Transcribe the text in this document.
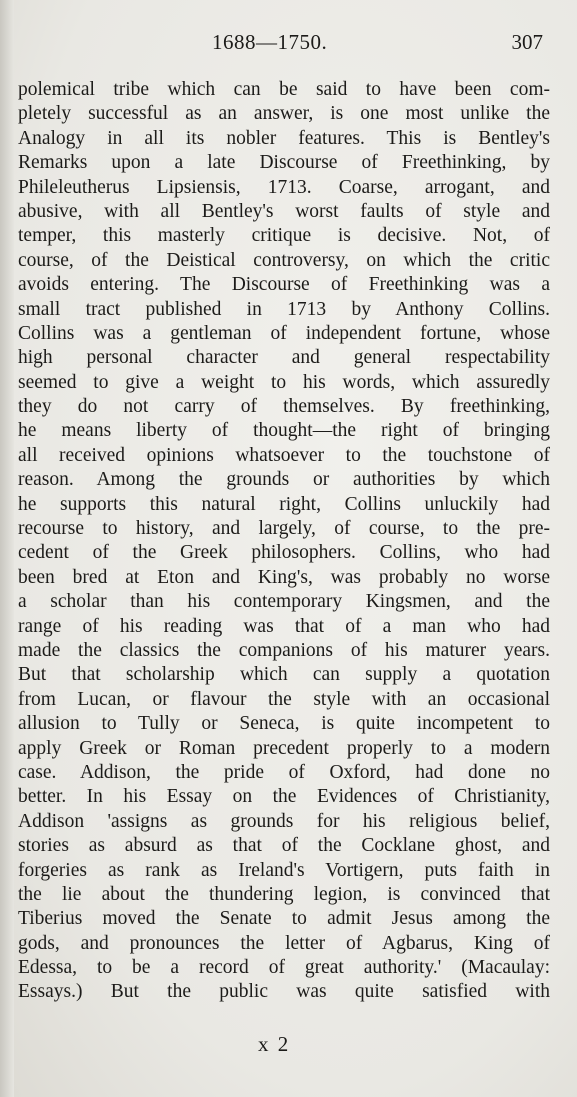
1688—1750.	307
polemical tribe which can be said to have been com-
pletely successful as an answer, is one most unlike the
Analogy in all its nobler features. This is Bentley's
Remarks upon a late Discourse of Freethinking, by
Phileleutherus Lipsiensis, 1713. Coarse, arrogant, and
abusive, with all Bentley's worst faults of style and
temper, this masterly critique is decisive. Not, of
course, of the Deistical controversy, on which the critic
avoids entering. The Discourse of Freethinking was a
small tract published in 1713 by Anthony Collins.
Collins was a gentleman of independent fortune, whose
high personal character and general respectability
seemed to give a weight to his words, which assuredly
they do not carry of themselves. By freethinking,
he means liberty of thought—the right of bringing
all received opinions whatsoever to the touchstone of
reason. Among the grounds or authorities by which
he supports this natural right, Collins unluckily had
recourse to history, and largely, of course, to the pre-
cedent of the Greek philosophers. Collins, who had
been bred at Eton and King's, was probably no worse
a scholar than his contemporary Kingsmen, and the
range of his reading was that of a man who had
made the classics the companions of his maturer years.
But that scholarship which can supply a quotation
from Lucan, or flavour the style with an occasional
allusion to Tully or Seneca, is quite incompetent to
apply Greek or Roman precedent properly to a modern
case. Addison, the pride of Oxford, had done no
better. In his Essay on the Evidences of Christianity,
Addison 'assigns as grounds for his religious belief,
stories as absurd as that of the Cocklane ghost, and
forgeries as rank as Ireland's Vortigern, puts faith in
the lie about the thundering legion, is convinced that
Tiberius moved the Senate to admit Jesus among the
gods, and pronounces the letter of Agbarus, King of
Edessa, to be a record of great authority.' (Macaulay:
Essays.) But the public was quite satisfied with
x 2
